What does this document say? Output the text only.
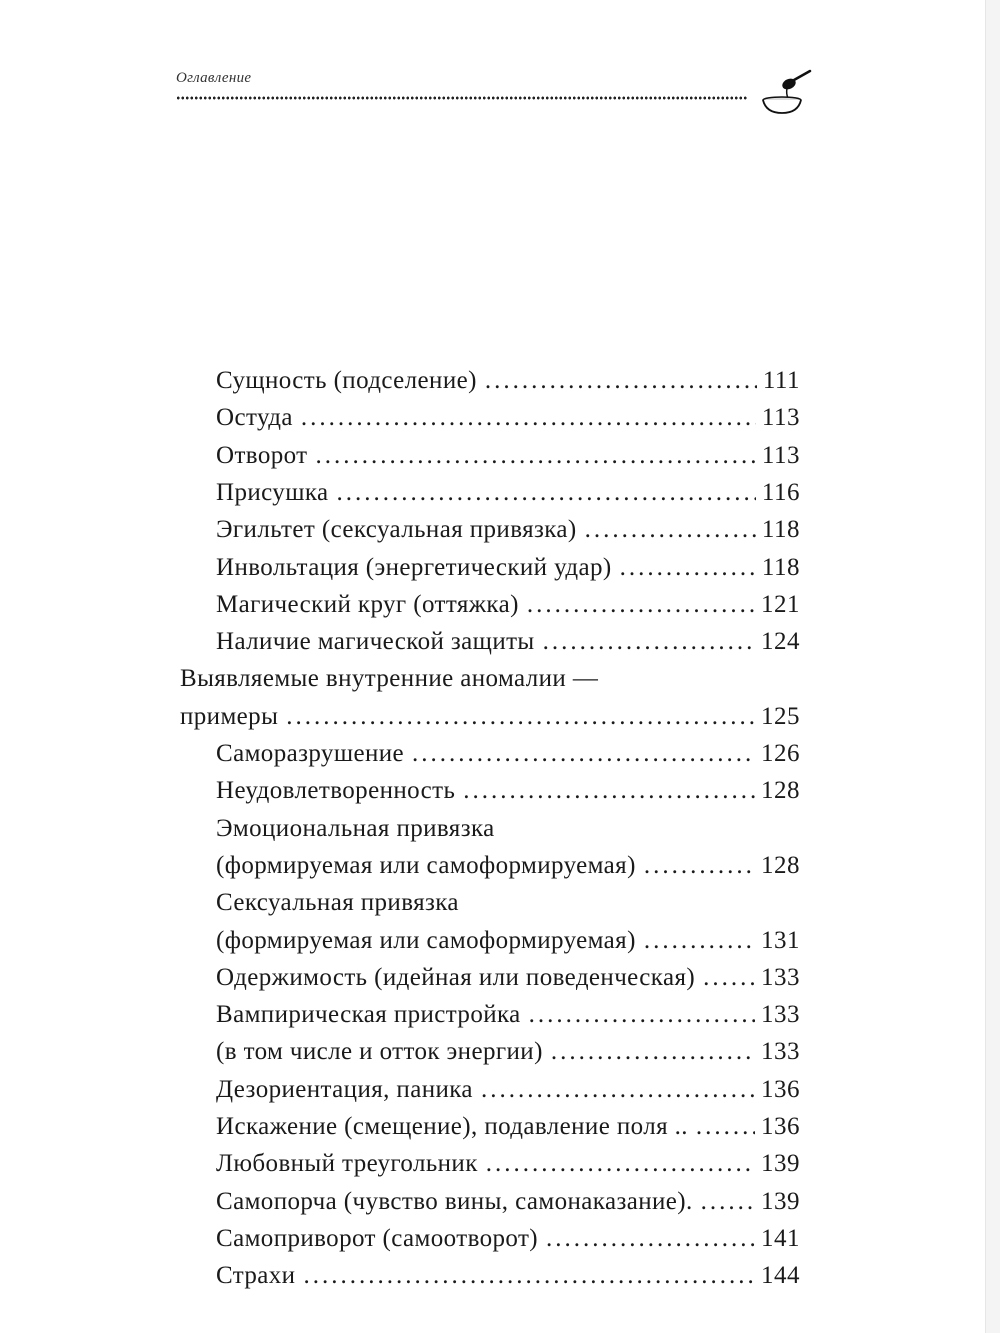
Оглавление
Сущность (подселение) .....	111
Остуда .....	113
Отворот .....	113
Присушка .....	116
Эгильтет (сексуальная привязка) .....	118
Инвольтация (энергетический удар) .....	118
Магический круг (оттяжка) .....	121
Наличие магической защиты .....	124
Выявляемые внутренние аномалии —
примеры .....	125
Саморазрушение .....	126
Неудовлетворенность .....	128
Эмоциональная привязка
(формируемая или самоформируемая) .....	128
Сексуальная привязка
(формируемая или самоформируемая) .....	131
Одержимость (идейная или поведенческая) .....	133
Вампирическая пристройка .....	133
(в том числе и отток энергии) .....	133
Дезориентация, паника .....	136
Искажение (смещение), подавление поля .. .....	136
Любовный треугольник .....	139
Самопорча (чувство вины, самонаказание). .....	139
Самоприворот (самоотворот) .....	141
Страхи .....	144
